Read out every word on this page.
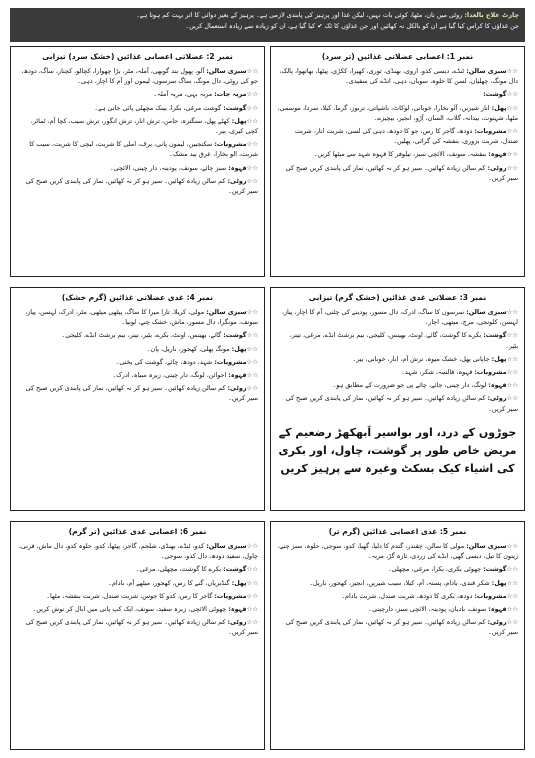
چارٹ علاج بالغذا: روٹی میں نان، مٹھا، کوئی بات نہیں، لیکن غذا اور پرہیز کی پابندی لازمی ہے۔ پرہیز کے بغیر دوائی کا اثر بہت کم ہوتا ہے۔
جن غذاؤں کا کراس کیا گیا ہے ان کو بالکل نہ کھائیں اور جن غذاؤں کا ٹک ✔ کیا گیا ہے، ان کو زیادہ سے زیادہ استعمال کریں۔
نمبر 1: اعصابی عضلاتی غذائیں (تر سرد)
☆☆سبزی سالن: ٹنڈے، دیسی کدو، اروی، بھنڈی، توری، کھیرا، ککڑی، پیٹھا، بھاتھوا، پالک، دال مونگ، چھلیاں، لسن کا حلوہ، سویاں، دہی، انڈے کی سفیدی۔
☆☆گوشت:
☆☆پھل: انار شیریں، آلو بخارا، خوبانی، لوکاٹ، ناشپاتی، تربوز، گرما، کیلا، سردا، موسمی، مٹھا، شہتوت، بیدانہ، گلاب، السان، آڑو، انجیر، بیچیزے۔
☆☆مشروبات: دودھ، گاجر کا رس، جو کا دودھ، دہی کی لسی، شربت انار، شربت صندل، شربت بزوری، بنفشہ کی گرائی، پھلیں۔
☆☆قہوہ: بنفشہ، سونف، الائچی سبز، نیلوفر کا قہوہ شہد سے میٹھا کریں۔
☆☆روٹی: کم سالن زیادہ کھائیں۔ سیر ہو کر نہ کھائیں، نماز کی پابندی کریں صبح کی سیر کریں۔
نمبر 2: عضلاتی اعصابی غذائیں (خشک سرد) تیزابی
☆☆سبزی سالن: آلو، پھول بند گوبھی، آملہ، مٹر، بڑا چھوارا، کچالو، کچنار، ساگ، دودھ، جو کی روٹی، دال مونگ، ساگ سرسوں، لیموں اور آم کا اچار، دہی۔
☆☆مربہ جات: مربہ بہی، مربہ آملہ۔
☆☆گوشت: گوشت مرغی، بکرا، بینک مچھلی پائی جاتی ہے۔
☆☆پھل: کھٹے پھل، سنگترہ، جامن، ترش انار، ترش انگور، ترش سیب، کچا آم، ٹماٹر، کچی کیری، بیر۔
☆☆مشروبات: سکنجبین، لیموں پانی، برف، املی کا شربت، لیچی کا شربت، سیب کا شربت، الو بخارا، عرق بید مشک۔
☆☆قہوہ: سبز چائے، سونف، پودینہ، دار چینی، الائچی۔
☆☆روٹی: کم سالن زیادہ کھائیں۔ سیر ہو کر نہ کھائیں، نماز کی پابندی کریں صبح کی سیر کریں۔
نمبر 3: عضلاتی غدی غذائیں (خشک گرم) تیزابی
☆☆سبزی سالن: سرسوں کا ساگ، ادرک، دال مسور، پودینے کی چٹنی، آم کا اچار، پیاز، لہسن، کلونجی، مرچ، میتھی، اچار۔
☆☆گوشت: بکرے کا گوشت، گائے، اونٹ، بھینس، کلیجی، نیم برشٹ انڈے، مرغی، تیتر، بٹیر۔
☆☆پھل: جاپانی پھل، خشک میوہ، ترش آم، انار، خوبانی، بیر۔
☆☆مشروبات: قہوہ، فالسہ، شکر، شہد۔
☆☆قہوہ: لونگ، دار چینی، جائے، چائے پی جو ضرورت کے مطابق ہو۔
☆☆روٹی: کم سالن زیادہ کھائیں۔ سیر ہو کر نہ کھائیں، نماز کی پابندی کریں صبح کی سیر کریں۔
جوڑوں کے درد، اور بواسیر اَبھکھڑ رضعیم کے مریض خاص طور پر گوشت، چاول، اور بکری کی اشیاء کیک بسکٹ وغیرہ سے پرہیز کریں
نمبر 4: غدی عضلاتی غذائیں (گرم خشک)
☆☆سبزی سالن: مولی، کریلا، تارا میرا کا ساگ، پیٹھی میٹھی، مٹر، ادرک، لہسن، پیاز، سونف، مونگرا، دال مسور، ماش، خشک چنے، لوبیا۔
☆☆گوشت: گائے، بھینس، اونٹ، بکرے، بٹیر، تیتر، نیم برشٹ انڈے، کلیجی۔
☆☆پھل: مونگ پھلی، کھجور، ناریل، پان۔
☆☆مشروبات: شہد، دودھ، چائے، گوشت کی یخنی۔
☆☆قہوہ: اجوائن، لونگ، دار چینی، زیرہ سیاہ، ادرک۔
☆☆روٹی: کم سالن زیادہ کھائیں۔ سیر ہو کر نہ کھائیں، نماز کی پابندی کریں صبح کی سیر کریں۔
نمبر 5: غدی اعصابی غذائیں (گرم تر)
☆☆سبزی سالن: مولی کا سالن، چقندر، گندم کا دلیا، گھیا، کدو، سوجی، حلوہ، سبز چنے، زیتون کا تیل، دیسی گھی، انڈے کی زردی، تازہ گڑ، مربہ۔
☆☆گوشت: چھوٹی بکری، بکرا، مرغی، مچھلی۔
☆☆پھل: شکر قندی، بادام، پستہ، آم، کیلا، سیب شیریں، انجیر، کھجور، ناریل۔
☆☆مشروبات: دودھ، بکری کا دودھ، شربت صندل، شربت بادام۔
☆☆قہوہ: سونف، بادیان، پودینہ، الائچی سبز، دارچینی۔
☆☆روٹی: کم سالن زیادہ کھائیں۔ سیر ہو کر نہ کھائیں، نماز کی پابندی کریں صبح کی سیر کریں۔
نمبر 6: اعصابی غدی غذائیں (تر گرم)
☆☆سبزی سالن: کدو، ٹنڈے، بھنڈی، شلجم، گاجر، پیٹھا، کدو، حلوہ کدو، دال ماش، فرنی، چاول، سفید دودھ، دال کدو، سوجی۔
☆☆گوشت: بکرے کا گوشت، مچھلی، مرغی۔
☆☆پھل: گنڈیریاں، گنے کا رس، کھجور، میٹھے آم، بادام۔
☆☆مشروبات: گاجر کا رس، کدو کا جوس، شربت صندل، شربت بنفشہ، مٹھا۔
☆☆قہوہ: چھوٹی الائچی، زیرہ سفید، سونف، ایک کپ پانی میں ابال کر نوش کریں۔
☆☆روٹی: کم سالن زیادہ کھائیں۔ سیر ہو کر نہ کھائیں، نماز کی پابندی کریں صبح کی سیر کریں۔
